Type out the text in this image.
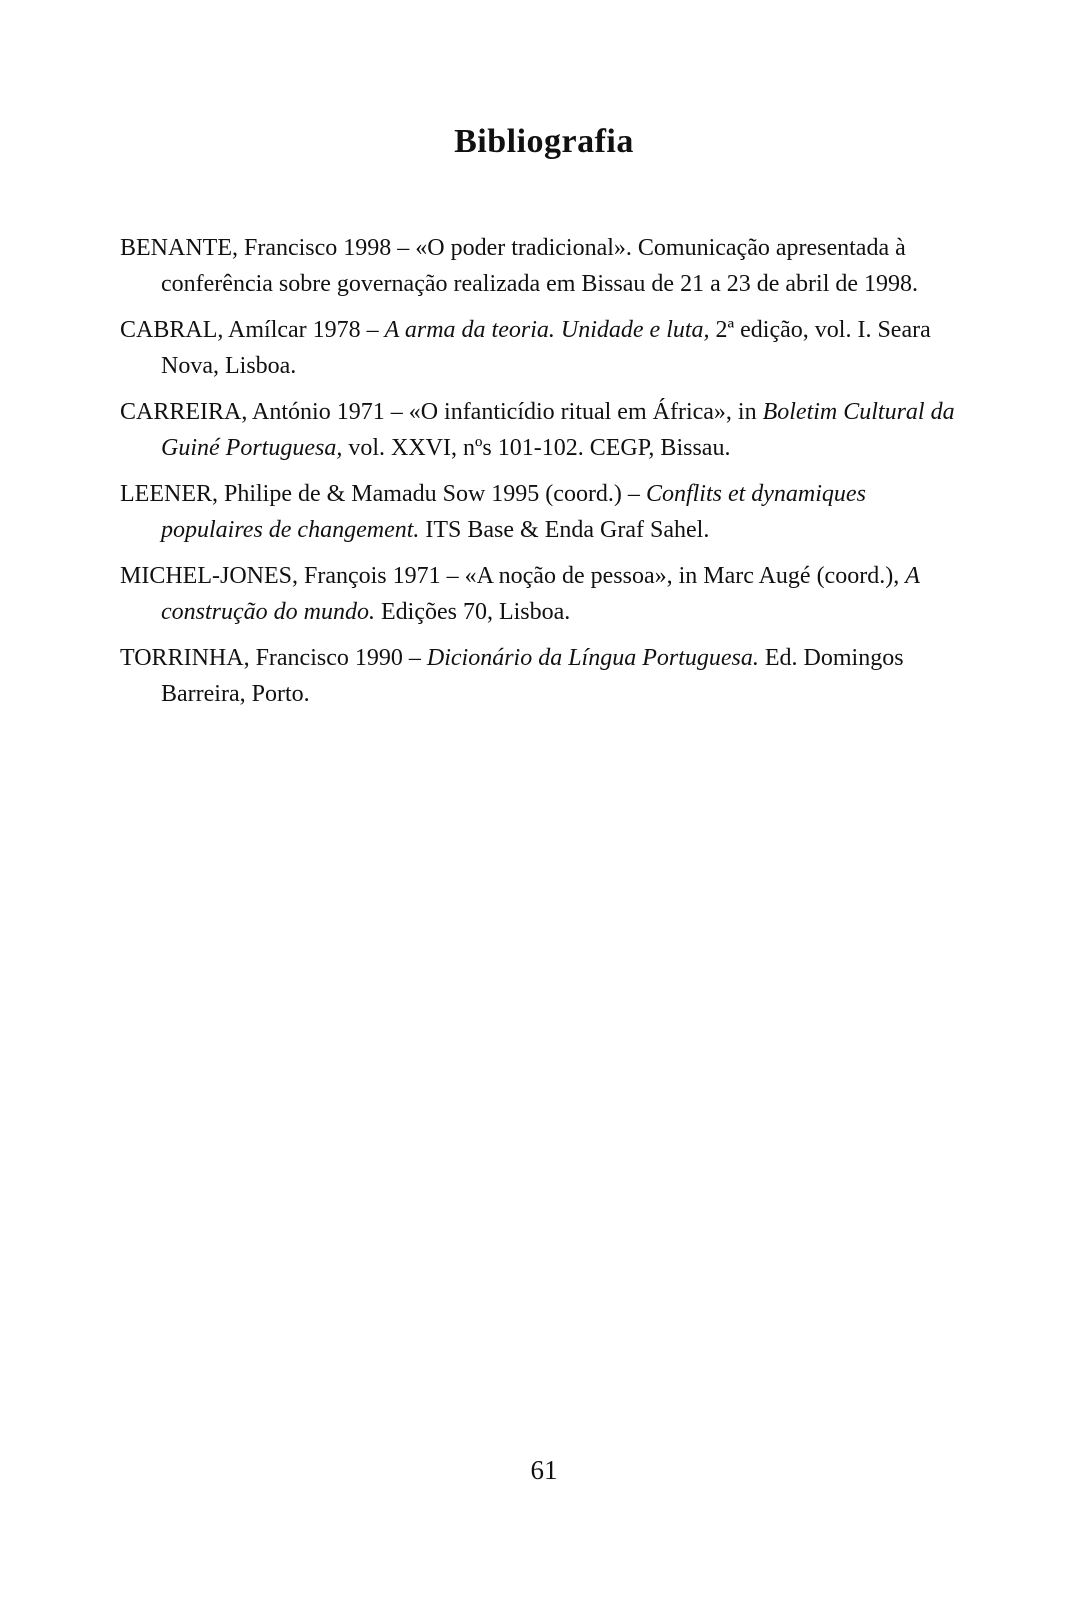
Bibliografia

BENANTE, Francisco 1998 – «O poder tradicional». Comunicação apresentada à conferência sobre governação realizada em Bissau de 21 a 23 de abril de 1998.

CABRAL, Amílcar 1978 – A arma da teoria. Unidade e luta, 2ª edição, vol. I. Seara Nova, Lisboa.

CARREIRA, António 1971 – «O infanticídio ritual em África», in Boletim Cultural da Guiné Portuguesa, vol. XXVI, nºs 101-102. CEGP, Bissau.

LEENER, Philipe de & Mamadu Sow 1995 (coord.) – Conflits et dynamiques populaires de changement. ITS Base & Enda Graf Sahel.

MICHEL-JONES, François 1971 – «A noção de pessoa», in Marc Augé (coord.), A construção do mundo. Edições 70, Lisboa.

TORRINHA, Francisco 1990 – Dicionário da Língua Portuguesa. Ed. Domingos Barreira, Porto.

61
